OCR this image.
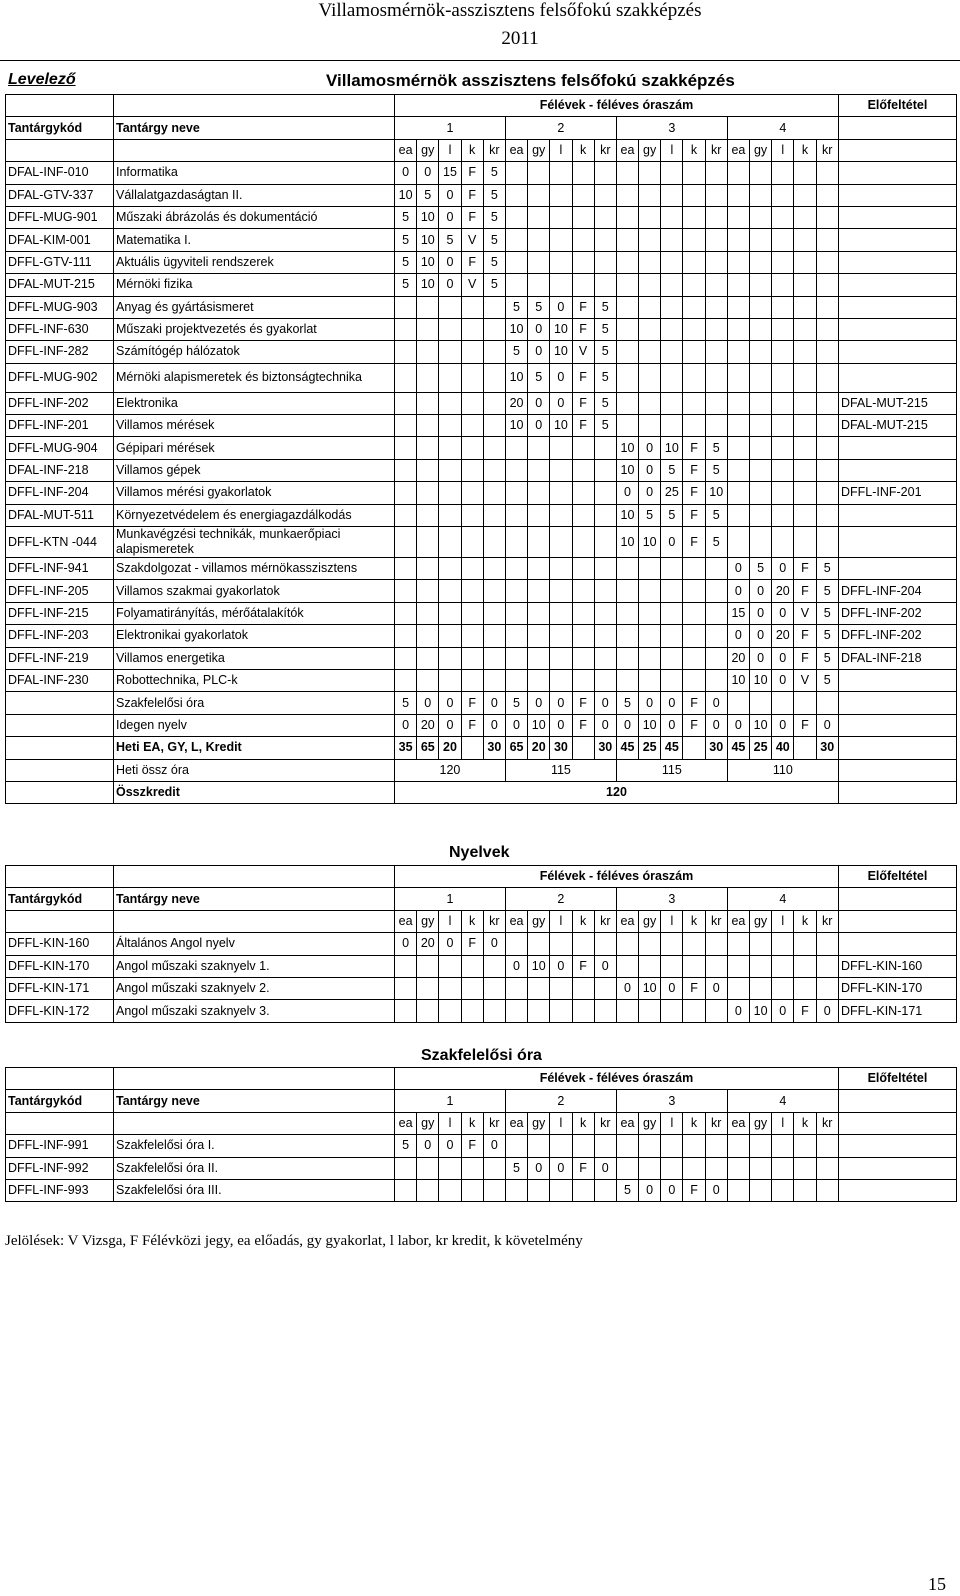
Villamosmérnök-asszisztens felsőfokú szakképzés
2011
Levelező	Villamosmérnök asszisztens felsőfokú szakképzés
		Félévek - féléves óraszám																				Előfeltétel
Tantárgykód	Tantárgy neve	1					2					3					4					
		ea	gy	l	k	kr	ea	gy	l	k	kr	ea	gy	l	k	kr	ea	gy	l	k	kr	
DFAL-INF-010	Informatika	0	0	15	F	5																
DFAL-GTV-337	Vállalatgazdaságtan II.	10	5	0	F	5																
DFFL-MUG-901	Műszaki ábrázolás és dokumentáció	5	10	0	F	5																
DFAL-KIM-001	Matematika I.	5	10	5	V	5																
DFFL-GTV-111	Aktuális ügyviteli rendszerek	5	10	0	F	5																
DFAL-MUT-215	Mérnöki fizika	5	10	0	V	5																
DFFL-MUG-903	Anyag és gyártásismeret						5	5	0	F	5											
DFFL-INF-630	Műszaki projektvezetés és gyakorlat						10	0	10	F	5											
DFFL-INF-282	Számítógép hálózatok						5	0	10	V	5											
DFFL-MUG-902	Mérnöki alapismeretek és biztonságtechnika						10	5	0	F	5											
DFFL-INF-202	Elektronika						20	0	0	F	5											DFAL-MUT-215
DFFL-INF-201	Villamos mérések						10	0	10	F	5											DFAL-MUT-215
DFFL-MUG-904	Gépipari mérések											10	0	10	F	5						
DFAL-INF-218	Villamos gépek											10	0	5	F	5						
DFFL-INF-204	Villamos mérési gyakorlatok											0	0	25	F	10						DFFL-INF-201
DFAL-MUT-511	Környezetvédelem és energiagazdálkodás											10	5	5	F	5						
DFFL-KTN -044	Munkavégzési technikák, munkaerőpiaci alapismeretek											10	10	0	F	5						
DFFL-INF-941	Szakdolgozat - villamos mérnökasszisztens																0	5	0	F	5	
DFFL-INF-205	Villamos szakmai gyakorlatok																0	0	20	F	5	DFFL-INF-204
DFFL-INF-215	Folyamatirányítás, mérőátalakítók																15	0	0	V	5	DFFL-INF-202
DFFL-INF-203	Elektronikai gyakorlatok																0	0	20	F	5	DFFL-INF-202
DFFL-INF-219	Villamos energetika																20	0	0	F	5	DFAL-INF-218
DFAL-INF-230	Robottechnika, PLC-k																10	10	0	V	5	
	Szakfelelősi óra	5	0	0	F	0	5	0	0	F	0	5	0	0	F	0						
	Idegen nyelv	0	20	0	F	0	0	10	0	F	0	0	10	0	F	0	0	10	0	F	0	
	Heti EA, GY, L, Kredit	35	65	20		30	65	20	30		30	45	25	45		30	45	25	40		30	
	Heti össz óra	120					115					115					110					
	Összkredit	120																				
Nyelvek
		Félévek - féléves óraszám																				Előfeltétel
Tantárgykód	Tantárgy neve	1					2					3					4					
		ea	gy	l	k	kr	ea	gy	l	k	kr	ea	gy	l	k	kr	ea	gy	l	k	kr	
DFFL-KIN-160	Általános Angol nyelv	0	20	0	F	0																
DFFL-KIN-170	Angol műszaki szaknyelv 1.						0	10	0	F	0											DFFL-KIN-160
DFFL-KIN-171	Angol műszaki szaknyelv 2.											0	10	0	F	0						DFFL-KIN-170
DFFL-KIN-172	Angol műszaki szaknyelv 3.																0	10	0	F	0	DFFL-KIN-171
Szakfelelősi óra
		Félévek - féléves óraszám																				Előfeltétel
Tantárgykód	Tantárgy neve	1					2					3					4					
		ea	gy	l	k	kr	ea	gy	l	k	kr	ea	gy	l	k	kr	ea	gy	l	k	kr	
DFFL-INF-991	Szakfelelősi óra I.	5	0	0	F	0																
DFFL-INF-992	Szakfelelősi óra II.						5	0	0	F	0											
DFFL-INF-993	Szakfelelősi óra III.											5	0	0	F	0						
Jelölések: V Vizsga, F Félévközi jegy, ea előadás, gy gyakorlat, l labor, kr kredit, k követelmény
15
